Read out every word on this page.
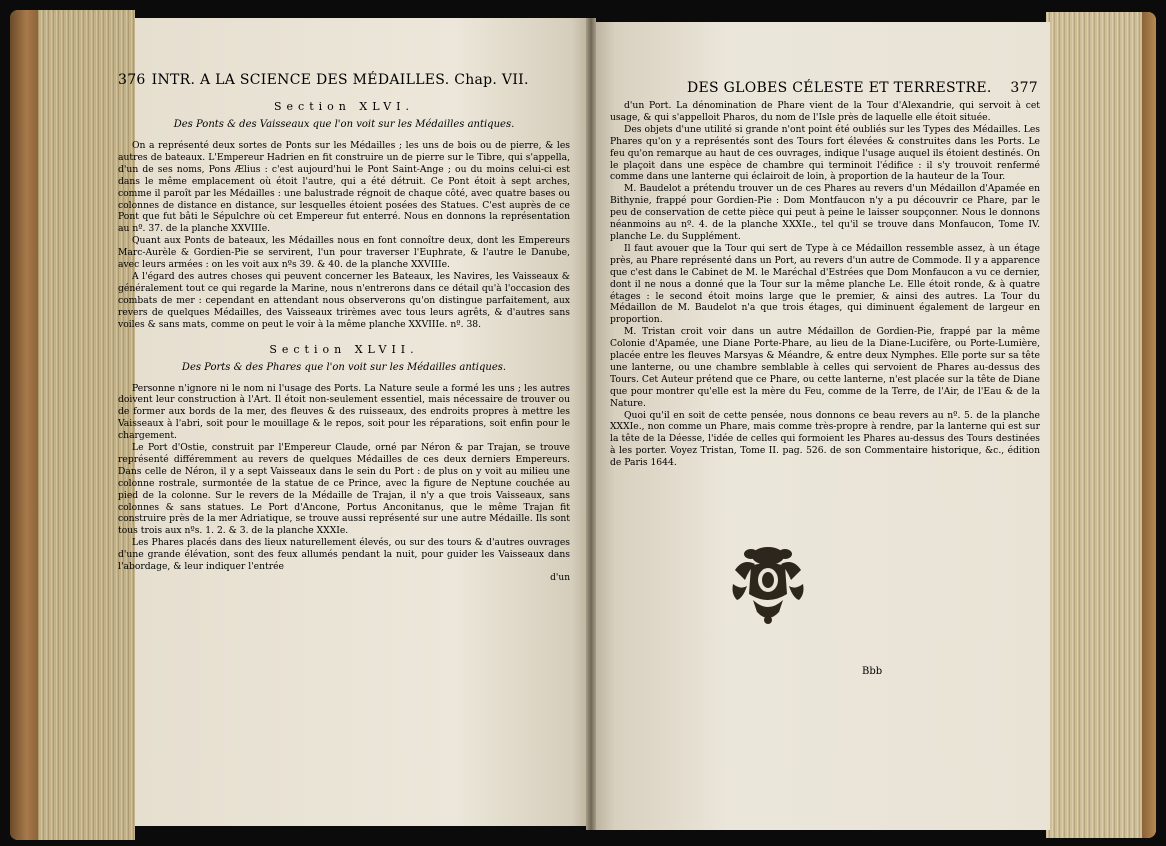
376 INTR. A LA SCIENCE DES MÉDAILLES. Chap. VII.
Section XLVI.
Des Ponts & des Vaisseaux que l'on voit sur les Médailles antiques.

On a représenté deux sortes de Ponts sur les Médailles ; les uns de bois ou de pierre, & les autres de bateaux. L'Empereur Hadrien en fit construire un de pierre sur le Tibre, qui s'appella, d'un de ses noms, Pons Ælius : c'est aujourd'hui le Pont Saint-Ange ; ou du moins celui-ci est dans le même emplacement où étoit l'autre, qui a été détruit. Ce Pont étoit à sept arches, comme il paroît par les Médailles : une balustrade régnoit de chaque côté, avec quatre bases ou colonnes de distance en distance, sur lesquelles étoient posées des Statues. C'est auprès de ce Pont que fut bâti le Sépulchre où cet Empereur fut enterré. Nous en donnons la représentation au nº. 37. de la planche XXVIIIe.

Quant aux Ponts de bateaux, les Médailles nous en font connoître deux, dont les Empereurs Marc-Aurèle & Gordien-Pie se servirent, l'un pour traverser l'Euphrate, & l'autre le Danube, avec leurs armées : on les voit aux nºs 39. & 40. de la planche XXVIIIe.

A l'égard des autres choses qui peuvent concerner les Bateaux, les Navires, les Vaisseaux & généralement tout ce qui regarde la Marine, nous n'entrerons dans ce détail qu'à l'occasion des combats de mer : cependant en attendant nous observerons qu'on distingue parfaitement, aux revers de quelques Médailles, des Vaisseaux trirèmes avec tous leurs agrêts, & d'autres sans voiles & sans mats, comme on peut le voir à la même planche XXVIIIe. nº. 38.

Section XLVII.
Des Ports & des Phares que l'on voit sur les Médailles antiques.

Personne n'ignore ni le nom ni l'usage des Ports. La Nature seule a formé les uns ; les autres doivent leur construction à l'Art. Il étoit non-seulement essentiel, mais nécessaire de trouver ou de former aux bords de la mer, des fleuves & des ruisseaux, des endroits propres à mettre les Vaisseaux à l'abri, soit pour le mouillage & le repos, soit pour les réparations, soit enfin pour le chargement.

Le Port d'Ostie, construit par l'Empereur Claude, orné par Néron & par Trajan, se trouve représenté différemment au revers de quelques Médailles de ces deux derniers Empereurs. Dans celle de Néron, il y a sept Vaisseaux dans le sein du Port : de plus on y voit au milieu une colonne rostrale, surmontée de la statue de ce Prince, avec la figure de Neptune couchée au pied de la colonne. Sur le revers de la Médaille de Trajan, il n'y a que trois Vaisseaux, sans colonnes & sans statues. Le Port d'Ancone, Portus Anconitanus, que le même Trajan fit construire près de la mer Adriatique, se trouve aussi représenté sur une autre Médaille. Ils sont tous trois aux nºs. 1. 2. & 3. de la planche XXXIe.

Les Phares placés dans des lieux naturellement élevés, ou sur des tours & d'autres ouvrages d'une grande élévation, sont des feux allumés pendant la nuit, pour guider les Vaisseaux dans l'abordage, & leur indiquer l'entrée

d'un
DES GLOBES CÉLESTE ET TERRESTRE. 377

d'un Port. La dénomination de Phare vient de la Tour d'Alexandrie, qui servoit à cet usage, & qui s'appelloit Pharos, du nom de l'Isle près de laquelle elle étoit située.

Des objets d'une utilité si grande n'ont point été oubliés sur les Types des Médailles. Les Phares qu'on y a représentés sont des Tours fort élevées & construites dans les Ports. Le feu qu'on remarque au haut de ces ouvrages, indique l'usage auquel ils étoient destinés. On le plaçoit dans une espèce de chambre qui terminoit l'édifice : il s'y trouvoit renfermé comme dans une lanterne qui éclairoit de loin, à proportion de la hauteur de la Tour.

M. Baudelot a prétendu trouver un de ces Phares au revers d'un Médaillon d'Apamée en Bithynie, frappé pour Gordien-Pie : Dom Montfaucon n'y a pu découvrir ce Phare, par le peu de conservation de cette pièce qui peut à peine le laisser soupçonner. Nous le donnons néanmoins au nº. 4. de la planche XXXIe., tel qu'il se trouve dans Monfaucon, Tome IV. planche Le. du Supplément.

Il faut avouer que la Tour qui sert de Type à ce Médaillon ressemble assez, à un étage près, au Phare représenté dans un Port, au revers d'un autre de Commode. Il y a apparence que c'est dans le Cabinet de M. le Maréchal d'Estrées que Dom Monfaucon a vu ce dernier, dont il ne nous a donné que la Tour sur la même planche Le. Elle étoit ronde, & à quatre étages : le second étoit moins large que le premier, & ainsi des autres. La Tour du Médaillon de M. Baudelot n'a que trois étages, qui diminuent également de largeur en proportion.

M. Tristan croit voir dans un autre Médaillon de Gordien-Pie, frappé par la même Colonie d'Apamée, une Diane Porte-Phare, au lieu de la Diane-Lucifère, ou Porte-Lumière, placée entre les fleuves Marsyas & Méandre, & entre deux Nymphes. Elle porte sur sa tête une lanterne, ou une chambre semblable à celles qui servoient de Phares au-dessus des Tours. Cet Auteur prétend que ce Phare, ou cette lanterne, n'est placée sur la tête de Diane que pour montrer qu'elle est la mère du Feu, comme de la Terre, de l'Air, de l'Eau & de la Nature.

Quoi qu'il en soit de cette pensée, nous donnons ce beau revers au nº. 5. de la planche XXXIe., non comme un Phare, mais comme très-propre à rendre, par la lanterne qui est sur la tête de la Déesse, l'idée de celles qui formoient les Phares au-dessus des Tours destinées à les porter. Voyez Tristan, Tome II. pag. 526. de son Commentaire historique, &c., édition de Paris 1644.

Bbb
